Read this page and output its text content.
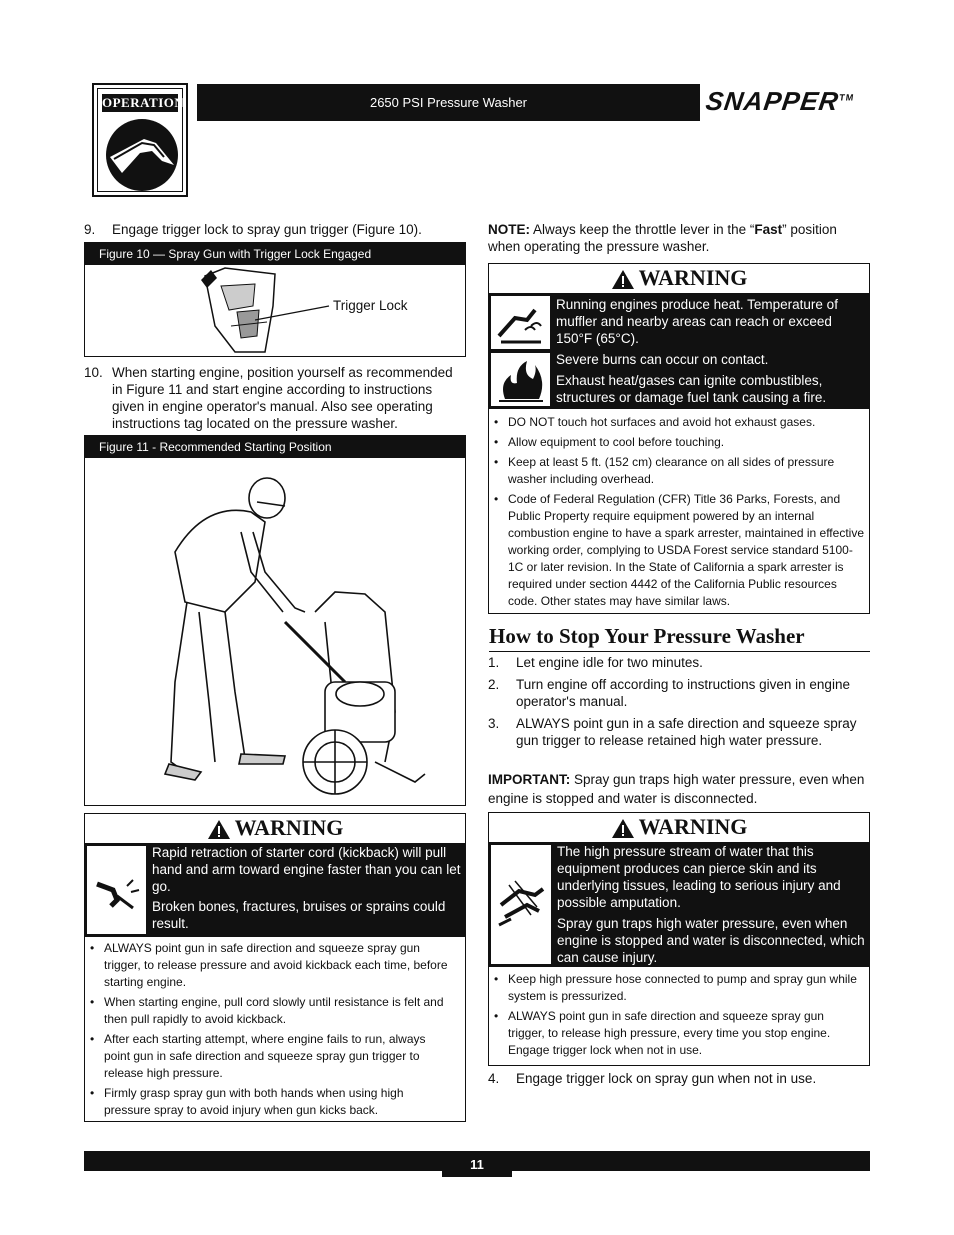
OPERATION	2650 PSI Pressure Washer	SNAPPER™
9. Engage trigger lock to spray gun trigger (Figure 10).
Figure 10 — Spray Gun with Trigger Lock Engaged
Trigger Lock
10. When starting engine, position yourself as recommended in Figure 11 and start engine according to instructions given in engine operator's manual. Also see operating instructions tag located on the pressure washer.
Figure 11 - Recommended Starting Position
WARNING

Rapid retraction of starter cord (kickback) will pull hand and arm toward engine faster than you can let go.

Broken bones, fractures, bruises or sprains could result.

• ALWAYS point gun in safe direction and squeeze spray gun trigger, to release pressure and avoid kickback each time, before starting engine.
• When starting engine, pull cord slowly until resistance is felt and then pull rapidly to avoid kickback.
• After each starting attempt, where engine fails to run, always point gun in safe direction and squeeze spray gun trigger to release high pressure.
• Firmly grasp spray gun with both hands when using high pressure spray to avoid injury when gun kicks back.
NOTE: Always keep the throttle lever in the “Fast” position when operating the pressure washer.
WARNING

Running engines produce heat. Temperature of muffler and nearby areas can reach or exceed 150°F (65°C).

Severe burns can occur on contact.

Exhaust heat/gases can ignite combustibles, structures or damage fuel tank causing a fire.

• DO NOT touch hot surfaces and avoid hot exhaust gases.
• Allow equipment to cool before touching.
• Keep at least 5 ft. (152 cm) clearance on all sides of pressure washer including overhead.
• Code of Federal Regulation (CFR) Title 36 Parks, Forests, and Public Property require equipment powered by an internal combustion engine to have a spark arrester, maintained in effective working order, complying to USDA Forest service standard 5100-1C or later revision. In the State of California a spark arrester is required under section 4442 of the California Public resources code. Other states may have similar laws.
How to Stop Your Pressure Washer
1. Let engine idle for two minutes.
2. Turn engine off according to instructions given in engine operator's manual.
3. ALWAYS point gun in a safe direction and squeeze spray gun trigger to release retained high water pressure.
IMPORTANT: Spray gun traps high water pressure, even when engine is stopped and water is disconnected.
WARNING

The high pressure stream of water that this equipment produces can pierce skin and its underlying tissues, leading to serious injury and possible amputation.

Spray gun traps high water pressure, even when engine is stopped and water is disconnected, which can cause injury.

• Keep high pressure hose connected to pump and spray gun while system is pressurized.
• ALWAYS point gun in safe direction and squeeze spray gun trigger, to release high pressure, every time you stop engine. Engage trigger lock when not in use.
4. Engage trigger lock on spray gun when not in use.
11
